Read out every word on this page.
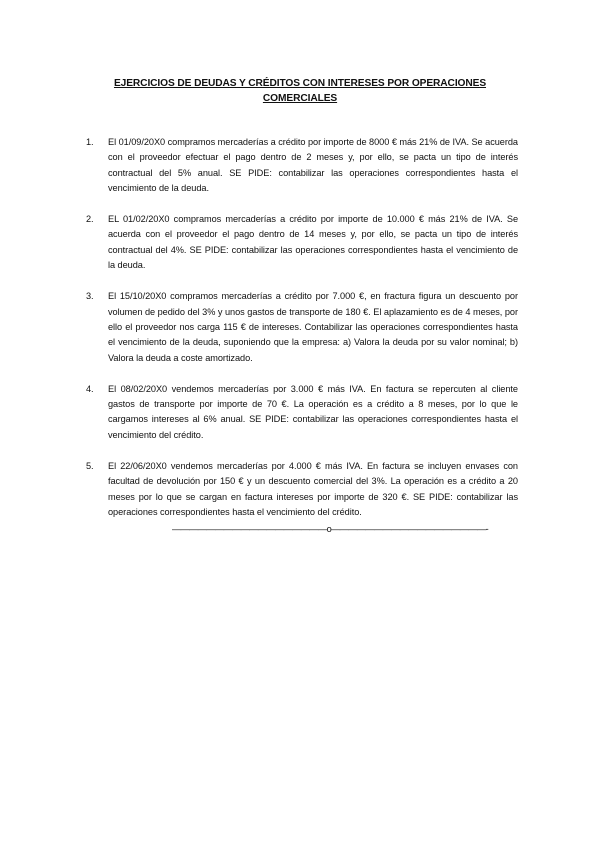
EJERCICIOS DE DEUDAS Y CRÉDITOS CON INTERESES POR OPERACIONES COMERCIALES
1. El 01/09/20X0 compramos mercaderías a crédito por importe de 8000 € más 21% de IVA. Se acuerda con el proveedor efectuar el pago dentro de 2 meses y, por ello, se pacta un tipo de interés contractual del 5% anual. SE PIDE: contabilizar las operaciones correspondientes hasta el vencimiento de la deuda.
2. EL 01/02/20X0 compramos mercaderías a crédito por importe de 10.000 € más 21% de IVA. Se acuerda con el proveedor el pago dentro de 14 meses y, por ello, se pacta un tipo de interés contractual del 4%. SE PIDE: contabilizar las operaciones correspondientes hasta el vencimiento de la deuda.
3. El 15/10/20X0 compramos mercaderías a crédito por 7.000 €, en fractura figura un descuento por volumen de pedido del 3% y unos gastos de transporte de 180 €. El aplazamiento es de 4 meses, por ello el proveedor nos carga 115 € de intereses. Contabilizar las operaciones correspondientes hasta el vencimiento de la deuda, suponiendo que la empresa: a) Valora la deuda por su valor nominal; b) Valora la deuda a coste amortizado.
4. El 08/02/20X0 vendemos mercaderías por 3.000 € más IVA. En factura se repercuten al cliente gastos de transporte por importe de 70 €. La operación es a crédito a 8 meses, por lo que le cargamos intereses al 6% anual. SE PIDE: contabilizar las operaciones correspondientes hasta el vencimiento del crédito.
5. El 22/06/20X0 vendemos mercaderías por 4.000 € más IVA. En factura se incluyen envases con facultad de devolución por 150 € y un descuento comercial del 3%. La operación es a crédito a 20 meses por lo que se cargan en factura intereses por importe de 320 €. SE PIDE: contabilizar las operaciones correspondientes hasta el vencimiento del crédito.
——————————————————o——————————————————-
